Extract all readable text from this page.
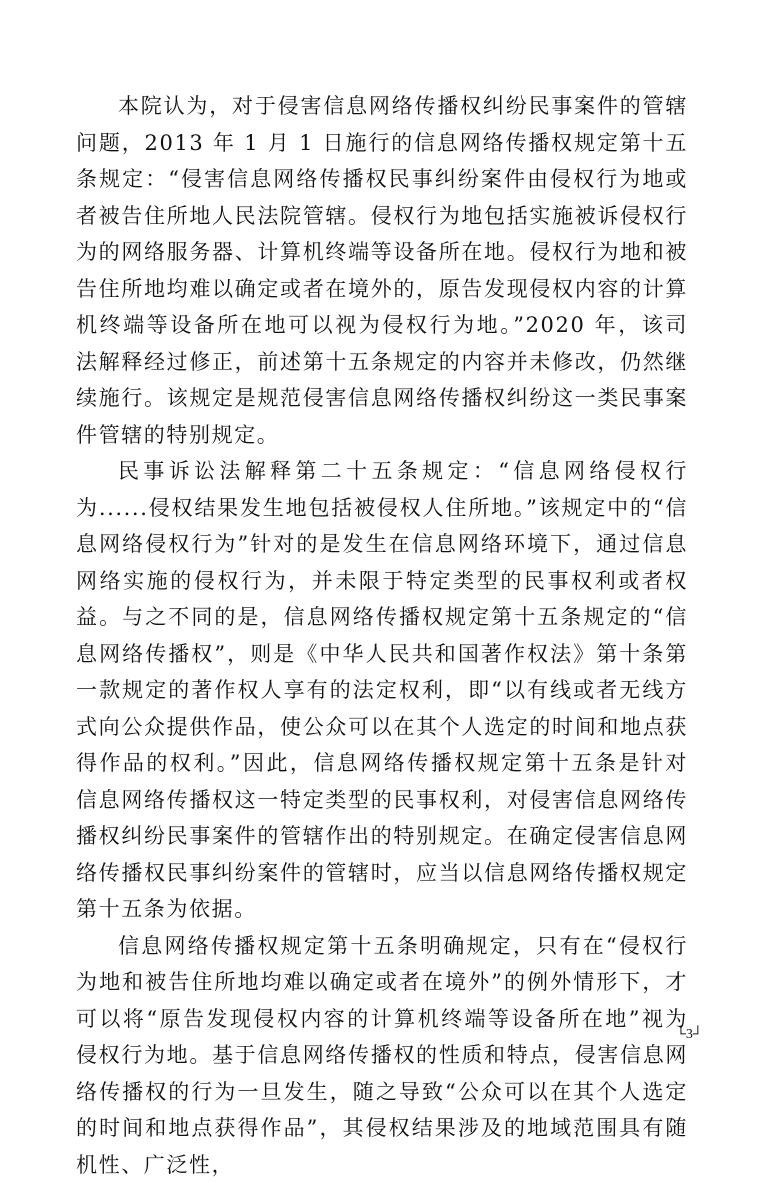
本院认为，对于侵害信息网络传播权纠纷民事案件的管辖问题，2013 年 1 月 1 日施行的信息网络传播权规定第十五条规定：“侵害信息网络传播权民事纠纷案件由侵权行为地或者被告住所地人民法院管辖。侵权行为地包括实施被诉侵权行为的网络服务器、计算机终端等设备所在地。侵权行为地和被告住所地均难以确定或者在境外的，原告发现侵权内容的计算机终端等设备所在地可以视为侵权行为地。”2020 年，该司法解释经过修正，前述第十五条规定的内容并未修改，仍然继续施行。该规定是规范侵害信息网络传播权纠纷这一类民事案件管辖的特别规定。

民事诉讼法解释第二十五条规定：“信息网络侵权行为......侵权结果发生地包括被侵权人住所地。”该规定中的“信息网络侵权行为”针对的是发生在信息网络环境下，通过信息网络实施的侵权行为，并未限于特定类型的民事权利或者权益。与之不同的是，信息网络传播权规定第十五条规定的“信息网络传播权”，则是《中华人民共和国著作权法》第十条第一款规定的著作权人享有的法定权利，即“以有线或者无线方式向公众提供作品，使公众可以在其个人选定的时间和地点获得作品的权利。”因此，信息网络传播权规定第十五条是针对信息网络传播权这一特定类型的民事权利，对侵害信息网络传播权纠纷民事案件的管辖作出的特别规定。在确定侵害信息网络传播权民事纠纷案件的管辖时，应当以信息网络传播权规定第十五条为依据。

信息网络传播权规定第十五条明确规定，只有在“侵权行为地和被告住所地均难以确定或者在境外”的例外情形下，才可以将“原告发现侵权内容的计算机终端等设备所在地”视为侵权行为地。基于信息网络传播权的性质和特点，侵害信息网络传播权的行为一旦发生，随之导致“公众可以在其个人选定的时间和地点获得作品”，其侵权结果涉及的地域范围具有随机性、广泛性，

└3┘
